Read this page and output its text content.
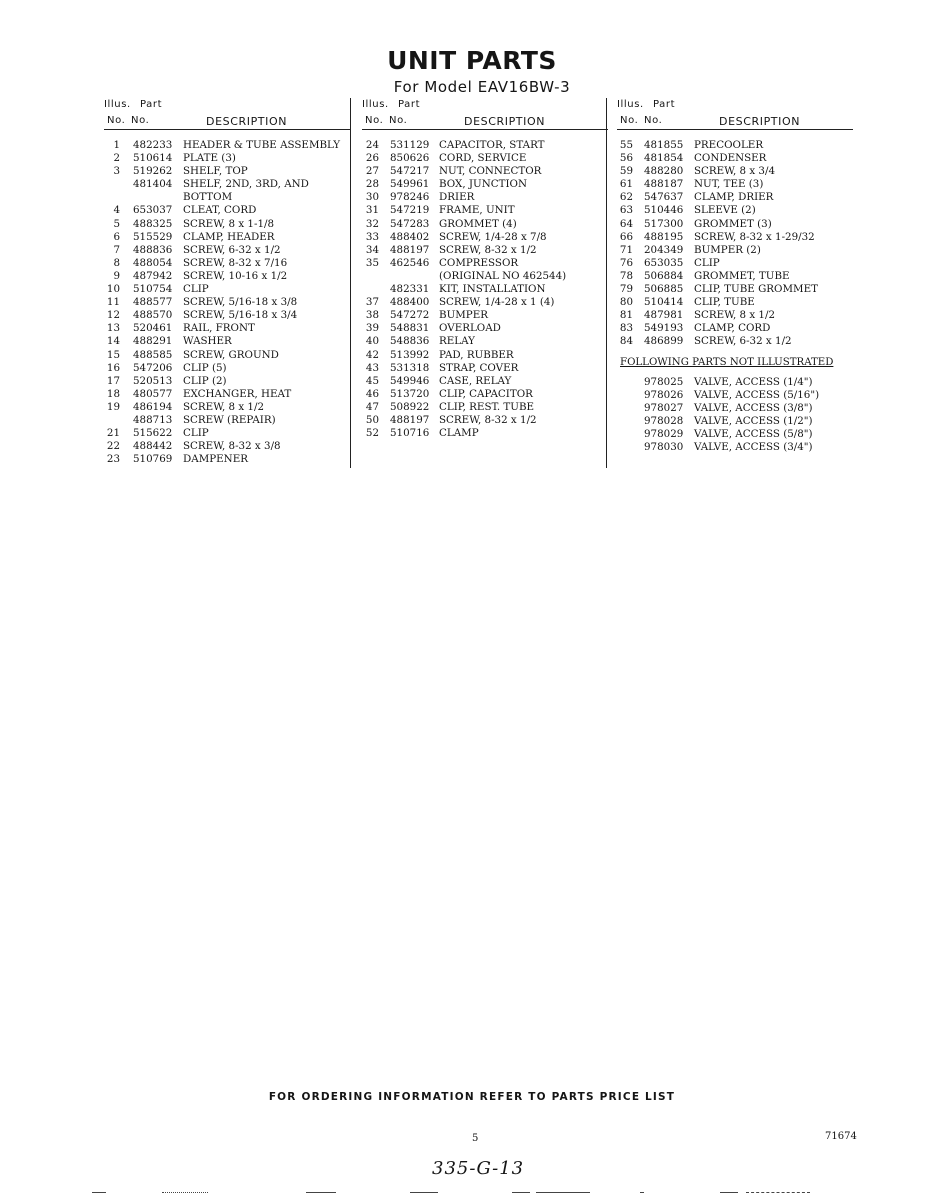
UNIT PARTS
For Model EAV16BW-3
Illus. Part
No. No.	DESCRIPTION
1 482233 HEADER & TUBE ASSEMBLY
2 510614 PLATE (3)
3 519262 SHELF, TOP
481404 SHELF, 2ND, 3RD, AND
BOTTOM
4 653037 CLEAT, CORD
5 488325 SCREW, 8 x 1-1/8
6 515529 CLAMP, HEADER
7 488836 SCREW, 6-32 x 1/2
8 488054 SCREW, 8-32 x 7/16
9 487942 SCREW, 10-16 x 1/2
10 510754 CLIP
11 488577 SCREW, 5/16-18 x 3/8
12 488570 SCREW, 5/16-18 x 3/4
13 520461 RAIL, FRONT
14 488291 WASHER
15 488585 SCREW, GROUND
16 547206 CLIP (5)
17 520513 CLIP (2)
18 480577 EXCHANGER, HEAT
19 486194 SCREW, 8 x 1/2
488713 SCREW (REPAIR)
21 515622 CLIP
22 488442 SCREW, 8-32 x 3/8
23 510769 DAMPENER
Illus. Part
No. No.	DESCRIPTION
24 531129 CAPACITOR, START
26 850626 CORD, SERVICE
27 547217 NUT, CONNECTOR
28 549961 BOX, JUNCTION
30 978246 DRIER
31 547219 FRAME, UNIT
32 547283 GROMMET (4)
33 488402 SCREW, 1/4-28 x 7/8
34 488197 SCREW, 8-32 x 1/2
35 462546 COMPRESSOR
(ORIGINAL NO 462544)
482331 KIT, INSTALLATION
37 488400 SCREW, 1/4-28 x 1 (4)
38 547272 BUMPER
39 548831 OVERLOAD
40 548836 RELAY
42 513992 PAD, RUBBER
43 531318 STRAP, COVER
45 549946 CASE, RELAY
46 513720 CLIP, CAPACITOR
47 508922 CLIP, REST. TUBE
50 488197 SCREW, 8-32 x 1/2
52 510716 CLAMP
Illus. Part
No. No.	DESCRIPTION
55 481855 PRECOOLER
56 481854 CONDENSER
59 488280 SCREW, 8 x 3/4
61 488187 NUT, TEE (3)
62 547637 CLAMP, DRIER
63 510446 SLEEVE (2)
64 517300 GROMMET (3)
66 488195 SCREW, 8-32 x 1-29/32
71 204349 BUMPER (2)
76 653035 CLIP
78 506884 GROMMET, TUBE
79 506885 CLIP, TUBE GROMMET
80 510414 CLIP, TUBE
81 487981 SCREW, 8 x 1/2
83 549193 CLAMP, CORD
84 486899 SCREW, 6-32 x 1/2
FOLLOWING PARTS NOT ILLUSTRATED
978025 VALVE, ACCESS (1/4")
978026 VALVE, ACCESS (5/16")
978027 VALVE, ACCESS (3/8")
978028 VALVE, ACCESS (1/2")
978029 VALVE, ACCESS (5/8")
978030 VALVE, ACCESS (3/4")
FOR ORDERING INFORMATION REFER TO PARTS PRICE LIST
5	71674
335-G-13
